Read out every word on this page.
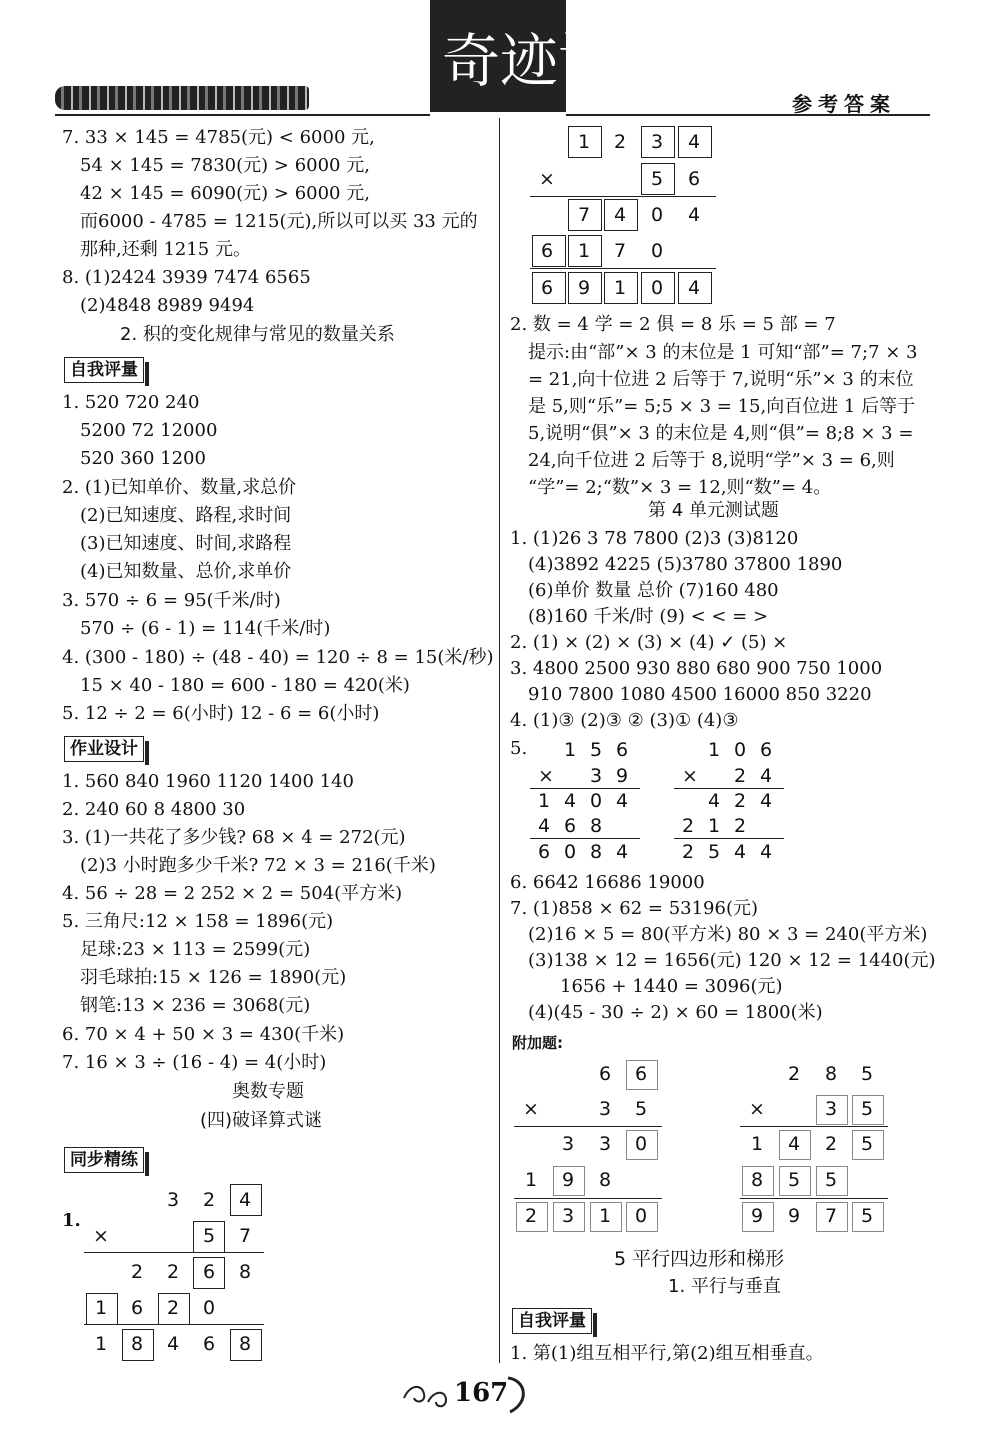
奇迹课堂
参考答案
7. 33 × 145 = 4785(元) < 6000 元,
54 × 145 = 7830(元) > 6000 元,
42 × 145 = 6090(元) > 6000 元,
而6000 - 4785 = 1215(元),所以可以买 33 元的
那种,还剩 1215 元。
8. (1)2424 3939 7474 6565
(2)4848 8989 9494
2. 积的变化规律与常见的数量关系
自我评量
1. 520 720 240
5200 72 12000
520 360 1200
2. (1)已知单价、数量,求总价
(2)已知速度、路程,求时间
(3)已知速度、时间,求路程
(4)已知数量、总价,求单价
3. 570 ÷ 6 = 95(千米/时)
570 ÷ (6 - 1) = 114(千米/时)
4. (300 - 180) ÷ (48 - 40) = 120 ÷ 8 = 15(米/秒)
15 × 40 - 180 = 600 - 180 = 420(米)
5. 12 ÷ 2 = 6(小时) 12 - 6 = 6(小时)
作业设计
1. 560 840 1960 1120 1400 140
2. 240 60 8 4800 30
3. (1)一共花了多少钱? 68 × 4 = 272(元)
(2)3 小时跑多少千米? 72 × 3 = 216(千米)
4. 56 ÷ 28 = 2 252 × 2 = 504(平方米)
5. 三角尺:12 × 158 = 1896(元)
足球:23 × 113 = 2599(元)
羽毛球拍:15 × 126 = 1890(元)
钢笔:13 × 236 = 3068(元)
6. 70 × 4 + 50 × 3 = 430(千米)
7. 16 × 3 ÷ (16 - 4) = 4(小时)
奥数专题
(四)破译算式谜
同步精练
1.
3	2	4
×	5	7
2	2	6	8
1	6	2	0
1	8	4	6	8
1	2	3	4
×	5	6
7	4	0	4
6	1	7	0
6	9	1	0	4
2. 数 = 4 学 = 2 俱 = 8 乐 = 5 部 = 7
提示:由“部”× 3 的末位是 1 可知“部”= 7;7 × 3
= 21,向十位进 2 后等于 7,说明“乐”× 3 的末位
是 5,则“乐”= 5;5 × 3 = 15,向百位进 1 后等于
5,说明“俱”× 3 的末位是 4,则“俱”= 8;8 × 3 =
24,向千位进 2 后等于 8,说明“学”× 3 = 6,则
“学”= 2;“数”× 3 = 12,则“数”= 4。
第 4 单元测试题
1. (1)26 3 78 7800 (2)3 (3)8120
(4)3892 4225 (5)3780 37800 1890
(6)单价 数量 总价 (7)160 480
(8)160 千米/时 (9) < < = >
2. (1) × (2) × (3) × (4) ✓ (5) ×
3. 4800 2500 930 880 680 900 750 1000
910 7800 1080 4500 16000 850 3220
4. (1)③ (2)③ ② (3)① (4)③
5.	1 5 6
×	3 9
1 4 0 4
4 6 8
6 0 8 4
1 0 6
×	2 4
4 2 4
2 1 2
2 5 4 4
6. 6642 16686 19000
7. (1)858 × 62 = 53196(元)
(2)16 × 5 = 80(平方米) 80 × 3 = 240(平方米)
(3)138 × 12 = 1656(元) 120 × 12 = 1440(元)
1656 + 1440 = 3096(元)
(4)(45 - 30 ÷ 2) × 60 = 1800(米)
附加题:
6	6
×	3	5
3	3	0
1	9	8
2	3	1	0
2	8	5
×	3	5
1	4	2	5
8	5	5
9	9	7	5
5 平行四边形和梯形
1. 平行与垂直
自我评量
1. 第(1)组互相平行,第(2)组互相垂直。
167
